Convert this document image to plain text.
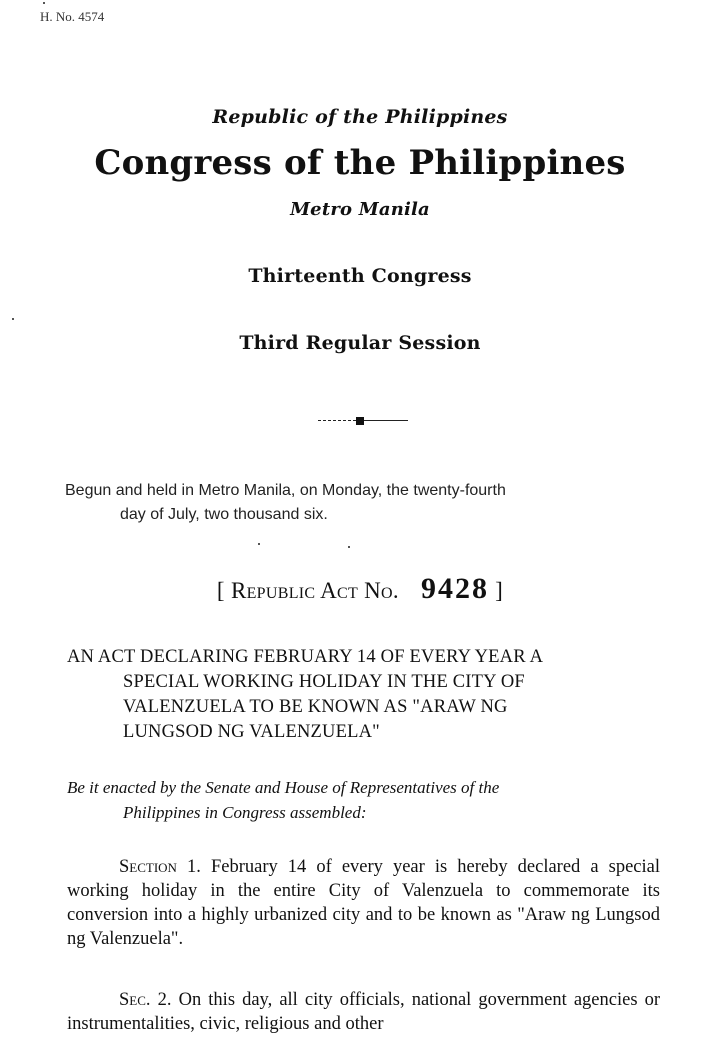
H. No. 4574
Republic of the Philippines
Congress of the Philippines
Metro Manila
Thirteenth Congress
Third Regular Session
Begun and held in Metro Manila, on Monday, the twenty-fourth
day of July, two thousand six.
[ Republic Act No. 9428 ]
AN ACT DECLARING FEBRUARY 14 OF EVERY YEAR A
SPECIAL WORKING HOLIDAY IN THE CITY OF
VALENZUELA TO BE KNOWN AS "ARAW NG
LUNGSOD NG VALENZUELA"
Be it enacted by the Senate and House of Representatives of the
Philippines in Congress assembled:
Section 1. February 14 of every year is hereby declared a special working holiday in the entire City of Valenzuela to commemorate its conversion into a highly urbanized city and to be known as "Araw ng Lungsod ng Valenzuela".
Sec. 2. On this day, all city officials, national government agencies or instrumentalities, civic, religious and other
